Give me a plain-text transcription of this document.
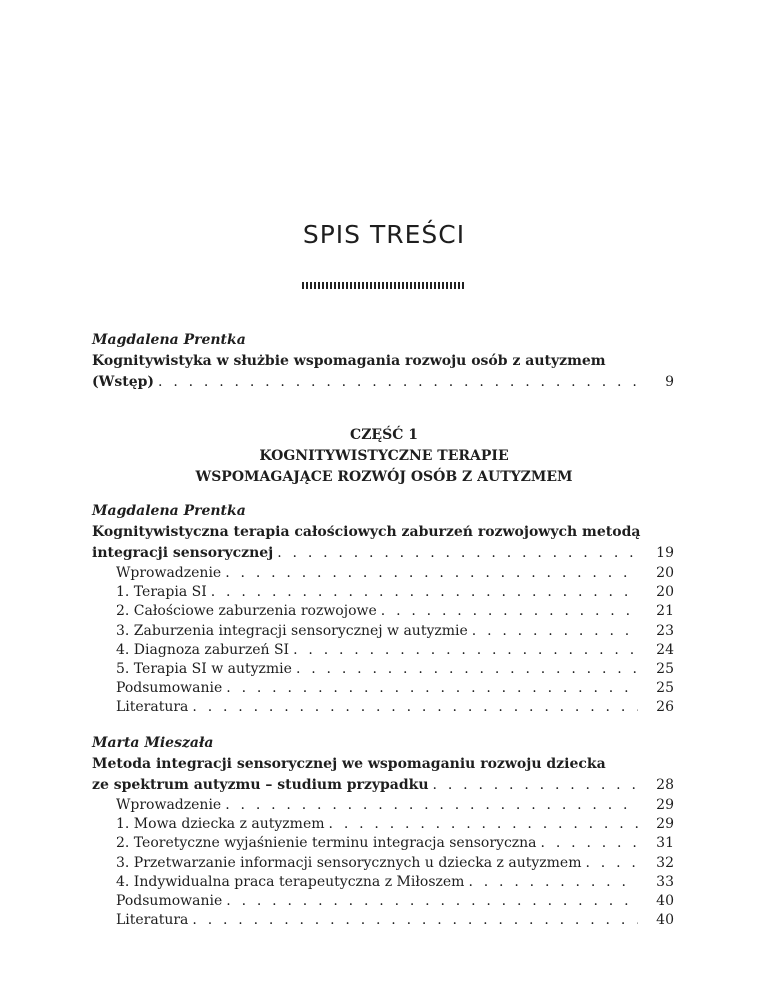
SPIS TREŚCI
Magdalena Prentka
Kognitywistyka w służbie wspomagania rozwoju osób z autyzmem
(Wstęp) . . .	9
CZĘŚĆ 1
KOGNITYWISTYCZNE TERAPIE
WSPOMAGAJĄCE ROZWÓJ OSÓB Z AUTYZMEM
Magdalena Prentka
Kognitywistyczna terapia całościowych zaburzeń rozwojowych metodą
integracji sensorycznej . . .	19
Wprowadzenie . . .	20
1. Terapia SI . . .	20
2. Całościowe zaburzenia rozwojowe . . .	21
3. Zaburzenia integracji sensorycznej w autyzmie . . .	23
4. Diagnoza zaburzeń SI . . .	24
5. Terapia SI w autyzmie . . .	25
Podsumowanie . . .	25
Literatura . . .	26
Marta Mieszała
Metoda integracji sensorycznej we wspomaganiu rozwoju dziecka
ze spektrum autyzmu – studium przypadku . . .	28
Wprowadzenie . . .	29
1. Mowa dziecka z autyzmem . . .	29
2. Teoretyczne wyjaśnienie terminu integracja sensoryczna . . .	31
3. Przetwarzanie informacji sensorycznych u dziecka z autyzmem . . .	32
4. Indywidualna praca terapeutyczna z Miłoszem . . .	33
Podsumowanie . . .	40
Literatura . . .	40
